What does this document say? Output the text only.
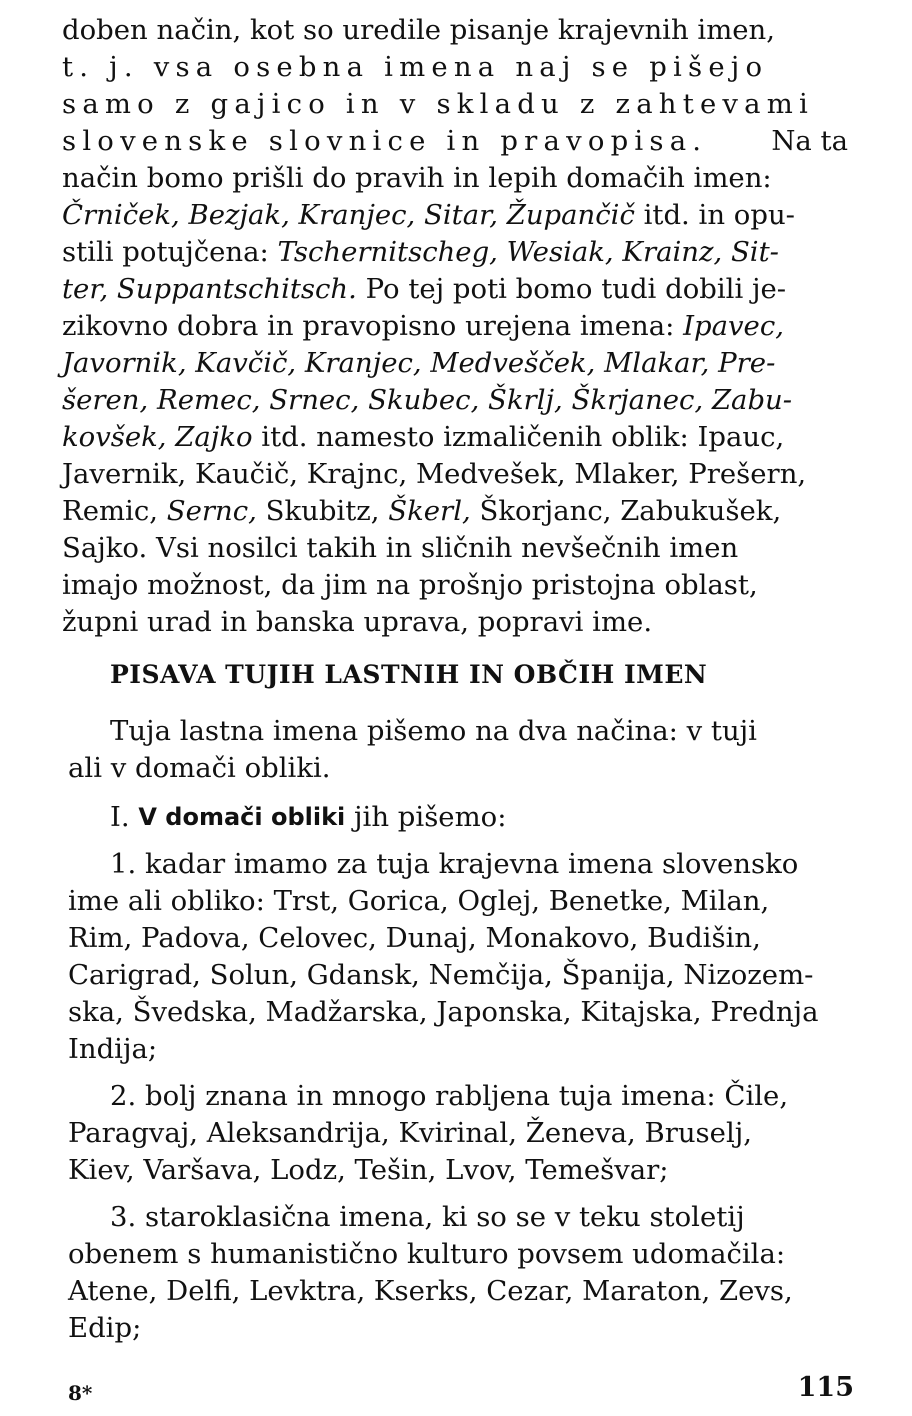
doben način, kot so uredile pisanje krajevnih imen,
t. j. vsa osebna imena naj se pišejo
samo z gajico in v skladu z zahtevami
slovenske slovnice in pravopisa. Na ta
način bomo prišli do pravih in lepih domačih imen:
Črniček, Bezjak, Kranjec, Sitar, Župančič itd. in opu-
stili potujčena: Tschernitscheg, Wesiak, Krainz, Sit-
ter, Suppantschitsch. Po tej poti bomo tudi dobili je-
zikovno dobra in pravopisno urejena imena: Ipavec,
Javornik, Kavčič, Kranjec, Medvešček, Mlakar, Pre-
šeren, Remec, Srnec, Skubec, Škrlj, Škrjanec, Zabu-
kovšek, Zajko itd. namesto izmaličenih oblik: Ipauc,
Javernik, Kaučič, Krajnc, Medvešek, Mlaker, Prešern,
Remic, Sernc, Skubitz, Škerl, Škorjanc, Zabukušek,
Sajko. Vsi nosilci takih in sličnih nevšečnih imen
imajo možnost, da jim na prošnjo pristojna oblast,
župni urad in banska uprava, popravi ime.
PISAVA TUJIH LASTNIH IN OBČIH IMEN
Tuja lastna imena pišemo na dva načina: v tuji
ali v domači obliki.
I. V domači obliki jih pišemo:
1. kadar imamo za tuja krajevna imena slovensko
ime ali obliko: Trst, Gorica, Oglej, Benetke, Milan,
Rim, Padova, Celovec, Dunaj, Monakovo, Budišin,
Carigrad, Solun, Gdansk, Nemčija, Španija, Nizozem-
ska, Švedska, Madžarska, Japonska, Kitajska, Prednja
Indija;
2. bolj znana in mnogo rabljena tuja imena: Čile,
Paragvaj, Aleksandrija, Kvirinal, Ženeva, Bruselj,
Kiev, Varšava, Lodz, Tešin, Lvov, Temešvar;
3. staroklasična imena, ki so se v teku stoletij
obenem s humanistično kulturo povsem udomačila:
Atene, Delfi, Levktra, Kserks, Cezar, Maraton, Zevs,
Edip;
8*	115
